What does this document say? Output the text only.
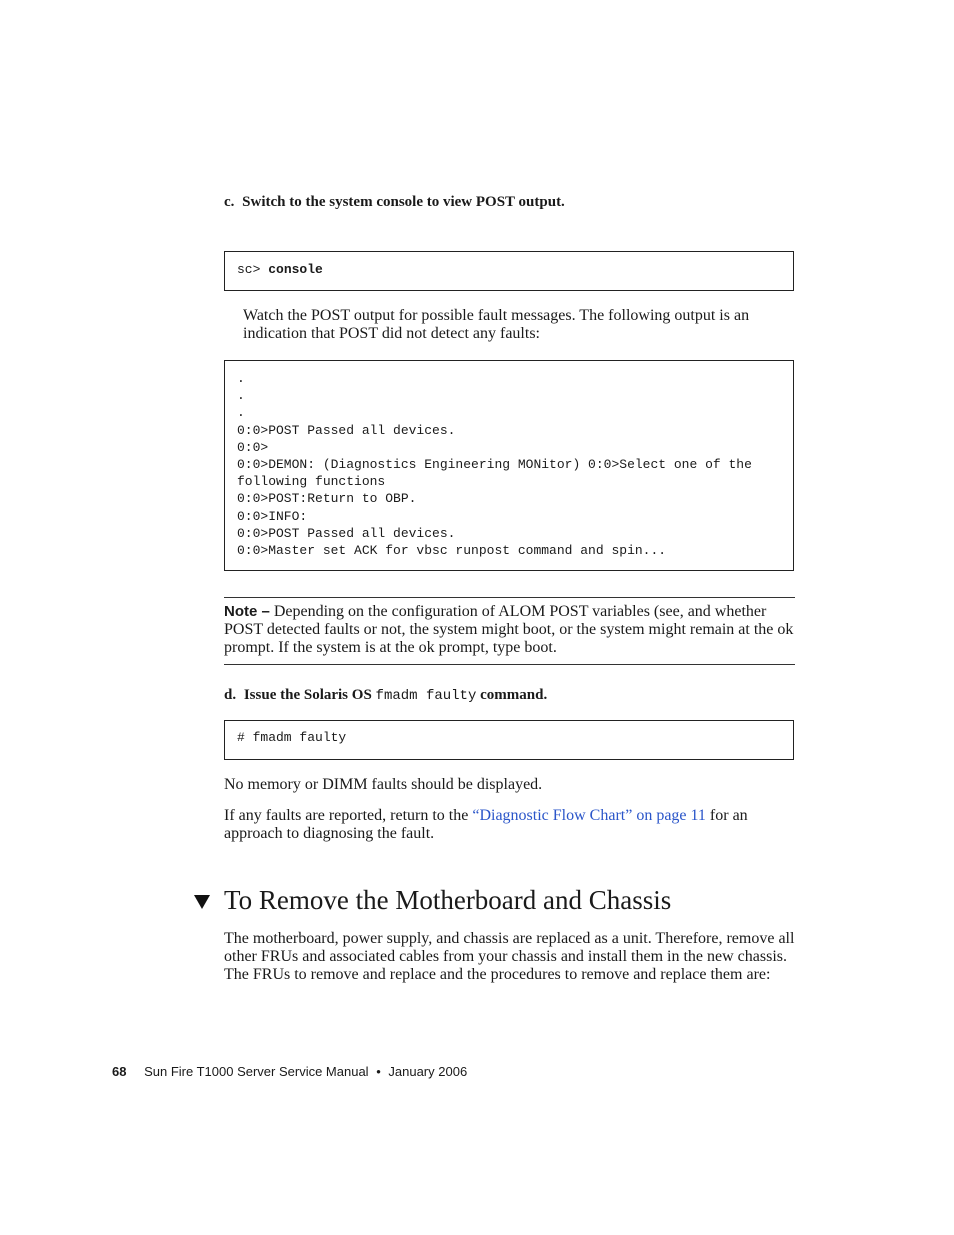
c. Switch to the system console to view POST output.
sc> console
Watch the POST output for possible fault messages. The following output is an indication that POST did not detect any faults:
.
.
.
0:0>POST Passed all devices.
0:0>
0:0>DEMON: (Diagnostics Engineering MONitor) 0:0>Select one of the
following functions
0:0>POST:Return to OBP.
0:0>INFO:
0:0>POST Passed all devices.
0:0>Master set ACK for vbsc runpost command and spin...
Note – Depending on the configuration of ALOM POST variables (see, and whether POST detected faults or not, the system might boot, or the system might remain at the ok prompt. If the system is at the ok prompt, type boot.
d. Issue the Solaris OS fmadm faulty command.
# fmadm faulty
No memory or DIMM faults should be displayed.
If any faults are reported, return to the “Diagnostic Flow Chart” on page 11 for an approach to diagnosing the fault.
To Remove the Motherboard and Chassis
The motherboard, power supply, and chassis are replaced as a unit. Therefore, remove all other FRUs and associated cables from your chassis and install them in the new chassis. The FRUs to remove and replace and the procedures to remove and replace them are:
68 Sun Fire T1000 Server Service Manual • January 2006
